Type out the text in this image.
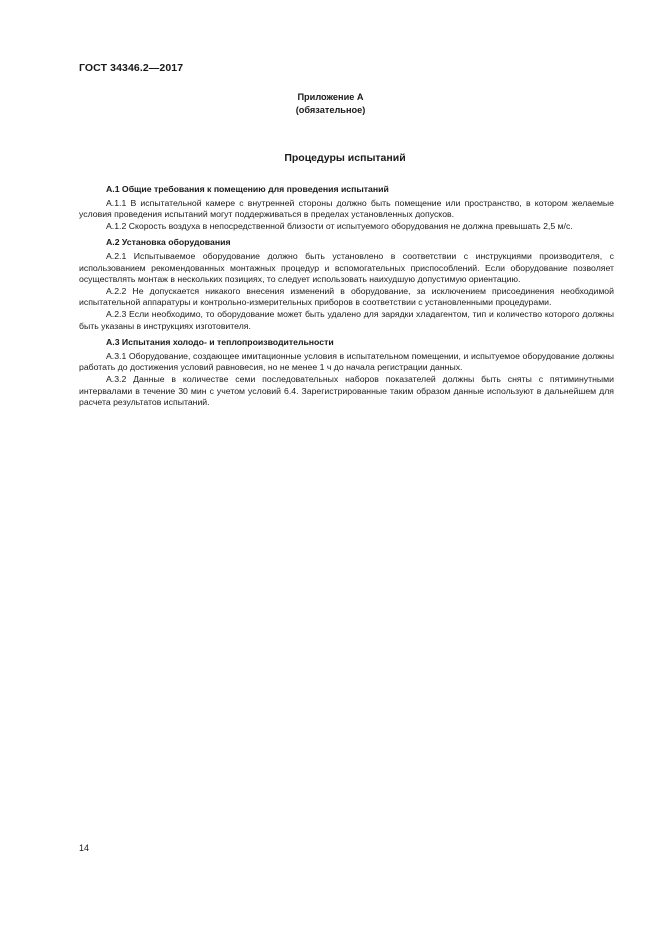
ГОСТ 34346.2—2017
Приложение А
(обязательное)
Процедуры испытаний

А.1 Общие требования к помещению для проведения испытаний

А.1.1 В испытательной камере с внутренней стороны должно быть помещение или пространство, в котором желаемые условия проведения испытаний могут поддерживаться в пределах установленных допусков.

А.1.2 Скорость воздуха в непосредственной близости от испытуемого оборудования не должна превышать 2,5 м/с.

А.2 Установка оборудования

А.2.1 Испытываемое оборудование должно быть установлено в соответствии с инструкциями производителя, с использованием рекомендованных монтажных процедур и вспомогательных приспособлений. Если оборудование позволяет осуществлять монтаж в нескольких позициях, то следует использовать наихудшую допустимую ориентацию.

А.2.2 Не допускается никакого внесения изменений в оборудование, за исключением присоединения необходимой испытательной аппаратуры и контрольно-измерительных приборов в соответствии с установленными процедурами.

А.2.3 Если необходимо, то оборудование может быть удалено для зарядки хладагентом, тип и количество которого должны быть указаны в инструкциях изготовителя.

А.3 Испытания холодо- и теплопроизводительности

А.3.1 Оборудование, создающее имитационные условия в испытательном помещении, и испытуемое оборудование должны работать до достижения условий равновесия, но не менее 1 ч до начала регистрации данных.

А.3.2 Данные в количестве семи последовательных наборов показателей должны быть сняты с пятиминутными интервалами в течение 30 мин с учетом условий 6.4. Зарегистрированные таким образом данные используют в дальнейшем для расчета результатов испытаний.

14
